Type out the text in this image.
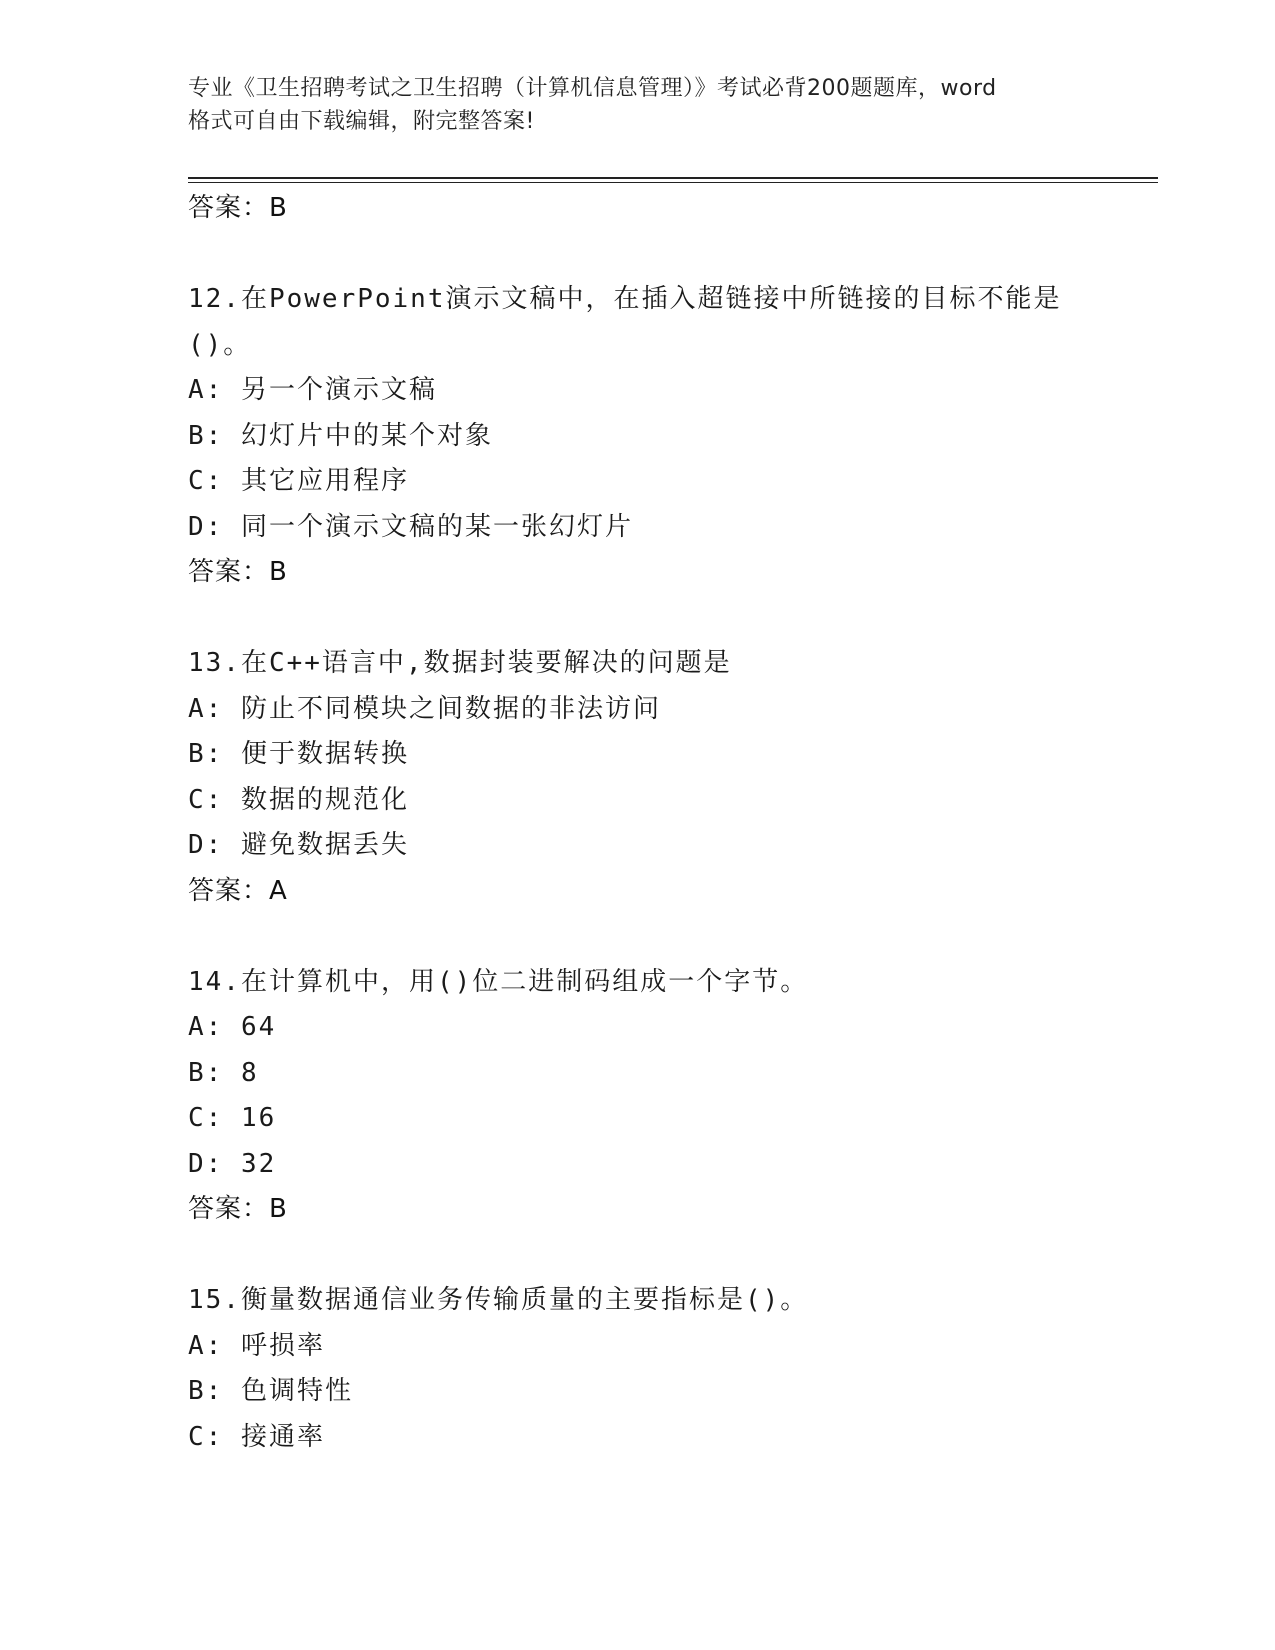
专业《卫生招聘考试之卫生招聘（计算机信息管理）》考试必背200题题库，word
格式可自由下载编辑，附完整答案!
答案：B
12.在PowerPoint演示文稿中，在插入超链接中所链接的目标不能是
()。
A: 另一个演示文稿
B: 幻灯片中的某个对象
C: 其它应用程序
D: 同一个演示文稿的某一张幻灯片
答案：B
13.在C++语言中,数据封装要解决的问题是
A: 防止不同模块之间数据的非法访问
B: 便于数据转换
C: 数据的规范化
D: 避免数据丢失
答案：A
14.在计算机中，用()位二进制码组成一个字节。
A: 64
B: 8
C: 16
D: 32
答案：B
15.衡量数据通信业务传输质量的主要指标是()。
A: 呼损率
B: 色调特性
C: 接通率
